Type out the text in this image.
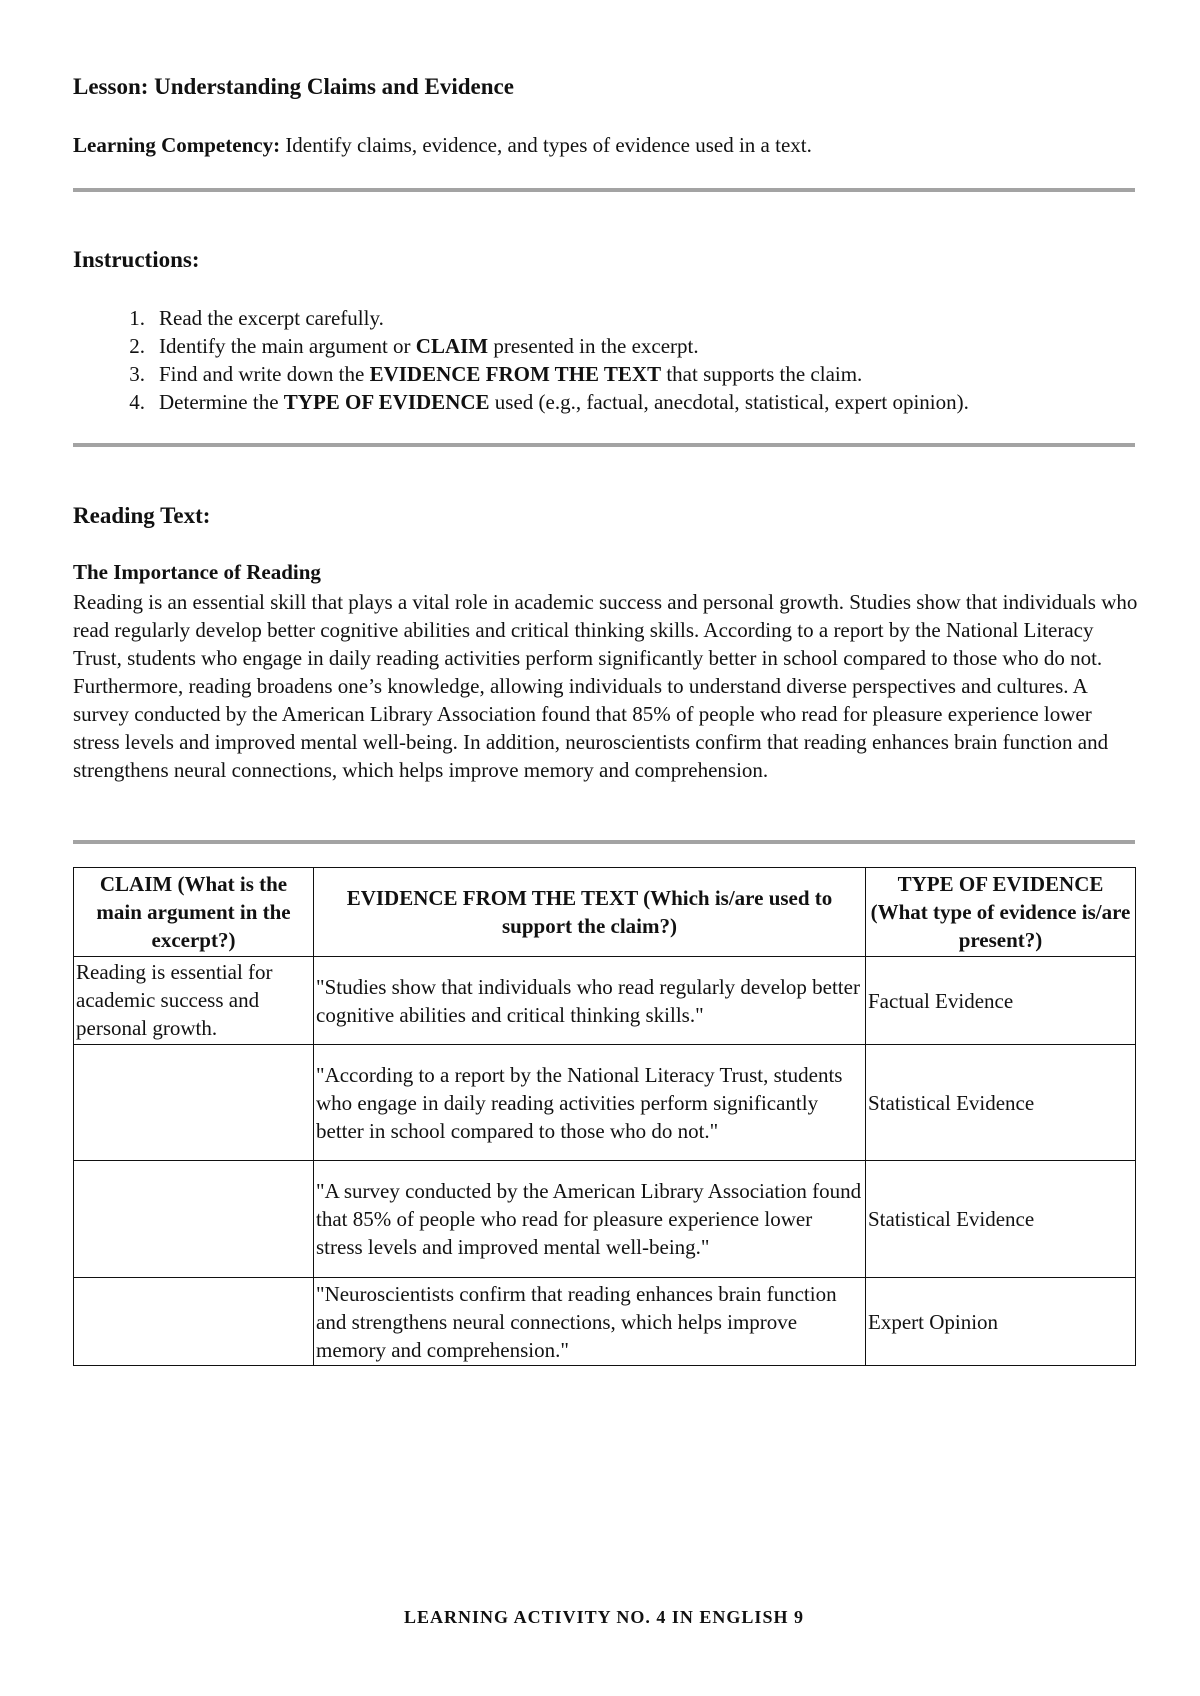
Lesson: Understanding Claims and Evidence

Learning Competency: Identify claims, evidence, and types of evidence used in a text.

Instructions:
1. Read the excerpt carefully.
2. Identify the main argument or CLAIM presented in the excerpt.
3. Find and write down the EVIDENCE FROM THE TEXT that supports the claim.
4. Determine the TYPE OF EVIDENCE used (e.g., factual, anecdotal, statistical, expert opinion).
Reading Text:
The Importance of Reading

Reading is an essential skill that plays a vital role in academic success and personal growth. Studies show that individuals who read regularly develop better cognitive abilities and critical thinking skills. According to a report by the National Literacy Trust, students who engage in daily reading activities perform significantly better in school compared to those who do not. Furthermore, reading broadens one’s knowledge, allowing individuals to understand diverse perspectives and cultures. A survey conducted by the American Library Association found that 85% of people who read for pleasure experience lower stress levels and improved mental well-being. In addition, neuroscientists confirm that reading enhances brain function and strengthens neural connections, which helps improve memory and comprehension.

CLAIM (What is the main argument in the excerpt?)	EVIDENCE FROM THE TEXT (Which is/are used to support the claim?)	TYPE OF EVIDENCE (What type of evidence is/are present?)
Reading is essential for academic success and personal growth.	"Studies show that individuals who read regularly develop better cognitive abilities and critical thinking skills."	Factual Evidence
	"According to a report by the National Literacy Trust, students who engage in daily reading activities perform significantly better in school compared to those who do not."	Statistical Evidence
	"A survey conducted by the American Library Association found that 85% of people who read for pleasure experience lower stress levels and improved mental well-being."	Statistical Evidence
	"Neuroscientists confirm that reading enhances brain function and strengthens neural connections, which helps improve memory and comprehension."	Expert Opinion

LEARNING ACTIVITY NO. 4 IN ENGLISH 9
